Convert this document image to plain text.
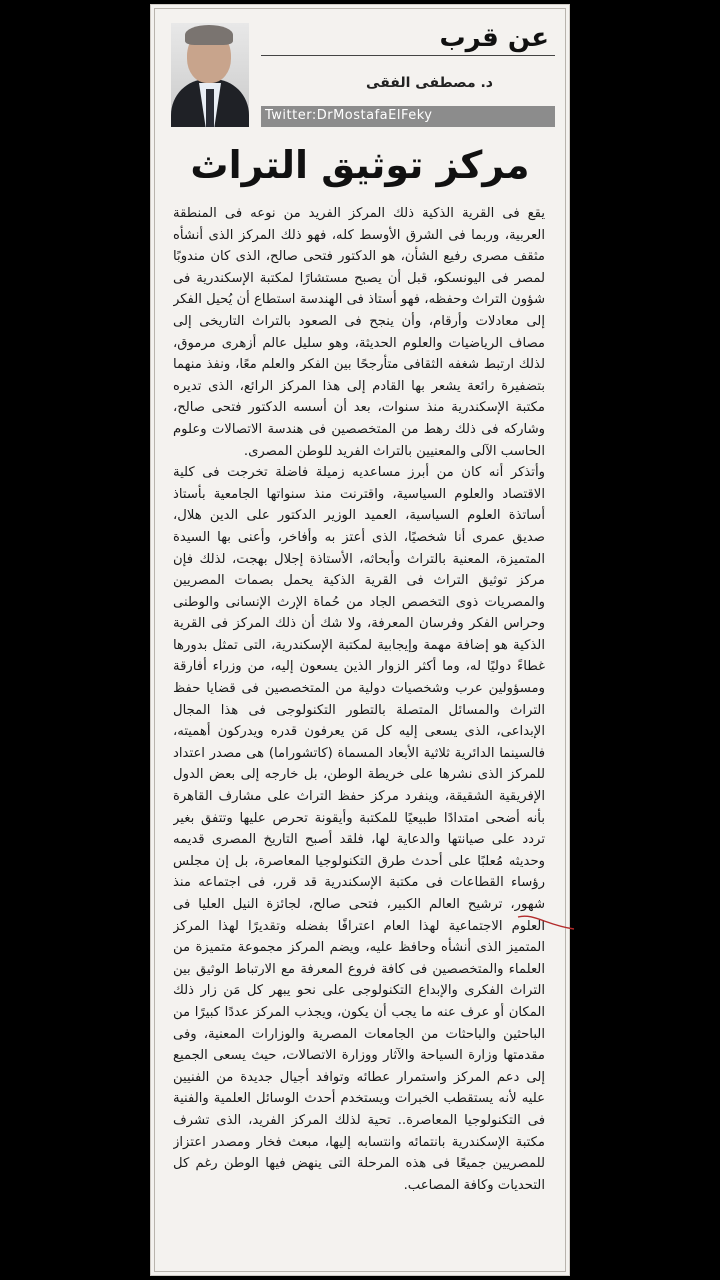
عن قرب
د. مصطفى الفقى
Twitter:DrMostafaElFeky
مركز توثيق التراث

يقع فى القرية الذكية ذلك المركز الفريد من نوعه فى المنطقة العربية، وربما فى الشرق الأوسط كله، فهو ذلك المركز الذى أنشأه مثقف مصرى رفيع الشأن، هو الدكتور فتحى صالح، الذى كان مندوبًا لمصر فى اليونسكو، قبل أن يصبح مستشارًا لمكتبة الإسكندرية فى شؤون التراث وحفظه، فهو أستاذ فى الهندسة استطاع أن يُحيل الفكر إلى معادلات وأرقام، وأن ينجح فى الصعود بالتراث التاريخى إلى مصاف الرياضيات والعلوم الحديثة، وهو سليل عالم أزهرى مرموق، لذلك ارتبط شغفه الثقافى متأرجحًا بين الفكر والعلم معًا، ونفذ منهما بتضفيرة رائعة يشعر بها القادم إلى هذا المركز الرائع، الذى تديره مكتبة الإسكندرية منذ سنوات، بعد أن أسسه الدكتور فتحى صالح، وشاركه فى ذلك رهط من المتخصصين فى هندسة الاتصالات وعلوم الحاسب الآلى والمعنيين بالتراث الفريد للوطن المصرى.

وأتذكر أنه كان من أبرز مساعديه زميلة فاضلة تخرجت فى كلية الاقتصاد والعلوم السياسية، واقترنت منذ سنواتها الجامعية بأستاذ أساتذة العلوم السياسية، العميد الوزير الدكتور على الدين هلال، صديق عمرى أنا شخصيًا، الذى أعتز به وأفاخر، وأعنى بها السيدة المتميزة، المعنية بالتراث وأبحاثه، الأستاذة إجلال بهجت، لذلك فإن مركز توثيق التراث فى القرية الذكية يحمل بصمات المصريين والمصريات ذوى التخصص الجاد من حُماة الإرث الإنسانى والوطنى وحراس الفكر وفرسان المعرفة، ولا شك أن ذلك المركز فى القرية الذكية هو إضافة مهمة وإيجابية لمكتبة الإسكندرية، التى تمثل بدورها غطاءً دوليًا له، وما أكثر الزوار الذين يسعون إليه، من وزراء أفارقة ومسؤولين عرب وشخصيات دولية من المتخصصين فى قضايا حفظ التراث والمسائل المتصلة بالتطور التكنولوجى فى هذا المجال الإبداعى، الذى يسعى إليه كل مَن يعرفون قدره ويدركون أهميته، فالسينما الدائرية ثلاثية الأبعاد المسماة (كاتشوراما) هى مصدر اعتداد للمركز الذى نشرها على خريطة الوطن، بل خارجه إلى بعض الدول الإفريقية الشقيقة، وينفرد مركز حفظ التراث على مشارف القاهرة بأنه أضحى امتدادًا طبيعيًا للمكتبة وأيقونة تحرص عليها وتتفق بغير تردد على صيانتها والدعاية لها، فلقد أصبح التاريخ المصرى قديمه وحديثه مُعلبًا على أحدث طرق التكنولوجيا المعاصرة، بل إن مجلس رؤساء القطاعات فى مكتبة الإسكندرية قد قرر، فى اجتماعه منذ شهور، ترشيح العالم الكبير، فتحى صالح، لجائزة النيل العليا فى العلوم الاجتماعية لهذا العام اعترافًا بفضله وتقديرًا لهذا المركز المتميز الذى أنشأه وحافظ عليه، ويضم المركز مجموعة متميزة من العلماء والمتخصصين فى كافة فروع المعرفة مع الارتباط الوثيق بين التراث الفكرى والإبداع التكنولوجى على نحو يبهر كل مَن زار ذلك المكان أو عرف عنه ما يجب أن يكون، ويجذب المركز عددًا كبيرًا من الباحثين والباحثات من الجامعات المصرية والوزارات المعنية، وفى مقدمتها وزارة السياحة والآثار ووزارة الاتصالات، حيث يسعى الجميع إلى دعم المركز واستمرار عطائه وتوافد أجيال جديدة من الفنيين عليه لأنه يستقطب الخبرات ويستخدم أحدث الوسائل العلمية والفنية فى التكنولوجيا المعاصرة.. تحية لذلك المركز الفريد، الذى تشرف مكتبة الإسكندرية بانتمائه وانتسابه إليها، مبعث فخار ومصدر اعتزاز للمصريين جميعًا فى هذه المرحلة التى ينهض فيها الوطن رغم كل التحديات وكافة المصاعب.
